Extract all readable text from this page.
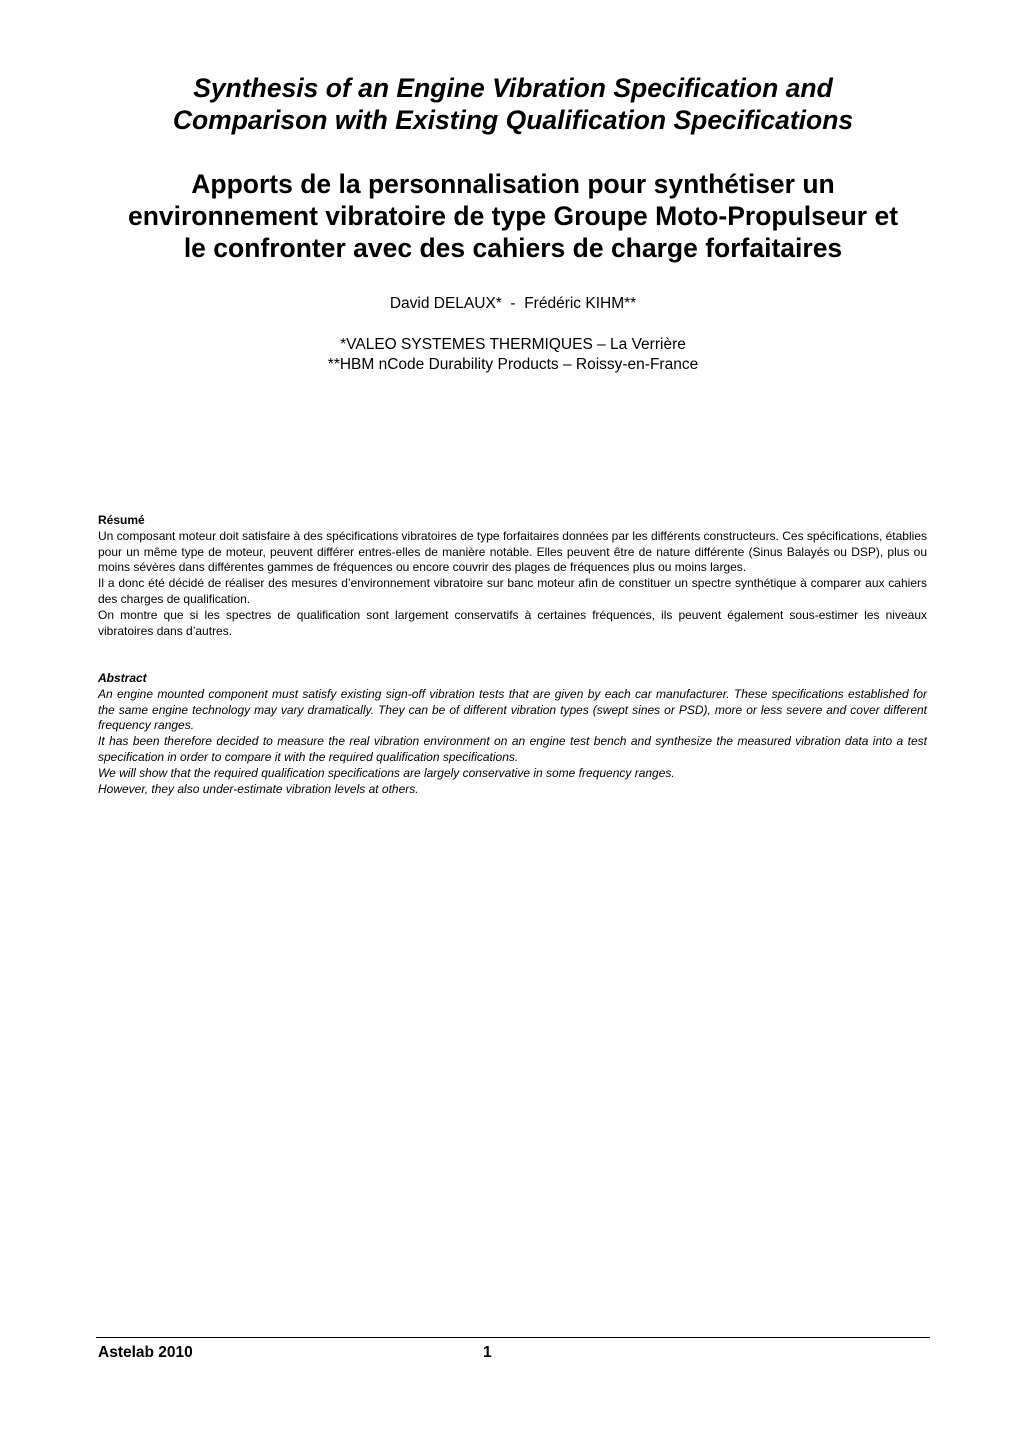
Synthesis of an Engine Vibration Specification and
Comparison with Existing Qualification Specifications
Apports de la personnalisation pour synthétiser un
environnement vibratoire de type Groupe Moto-Propulseur et
le confronter avec des cahiers de charge forfaitaires
David DELAUX*  -  Frédéric KIHM**
*VALEO SYSTEMES THERMIQUES – La Verrière
**HBM nCode Durability Products – Roissy-en-France

Résumé

Un composant moteur doit satisfaire à des spécifications vibratoires de type forfaitaires données par les différents constructeurs. Ces spécifications, établies pour un même type de moteur, peuvent différer entres-elles de manière notable. Elles peuvent être de nature différente (Sinus Balayés ou DSP), plus ou moins sévères dans différentes gammes de fréquences ou encore couvrir des plages de fréquences plus ou moins larges.

Il a donc été décidé de réaliser des mesures d’environnement vibratoire sur banc moteur afin de constituer un spectre synthétique à comparer aux cahiers des charges de qualification.

On montre que si les spectres de qualification sont largement conservatifs à certaines fréquences, ils peuvent également sous-estimer les niveaux vibratoires dans d’autres.

Abstract

An engine mounted component must satisfy existing sign-off vibration tests that are given by each car manufacturer. These specifications established for the same engine technology may vary dramatically. They can be of different vibration types (swept sines or PSD), more or less severe and cover different frequency ranges.

It has been therefore decided to measure the real vibration environment on an engine test bench and synthesize the measured vibration data into a test specification in order to compare it with the required qualification specifications.

We will show that the required qualification specifications are largely conservative in some frequency ranges.

However, they also under-estimate vibration levels at others.

Astelab 2010	1
